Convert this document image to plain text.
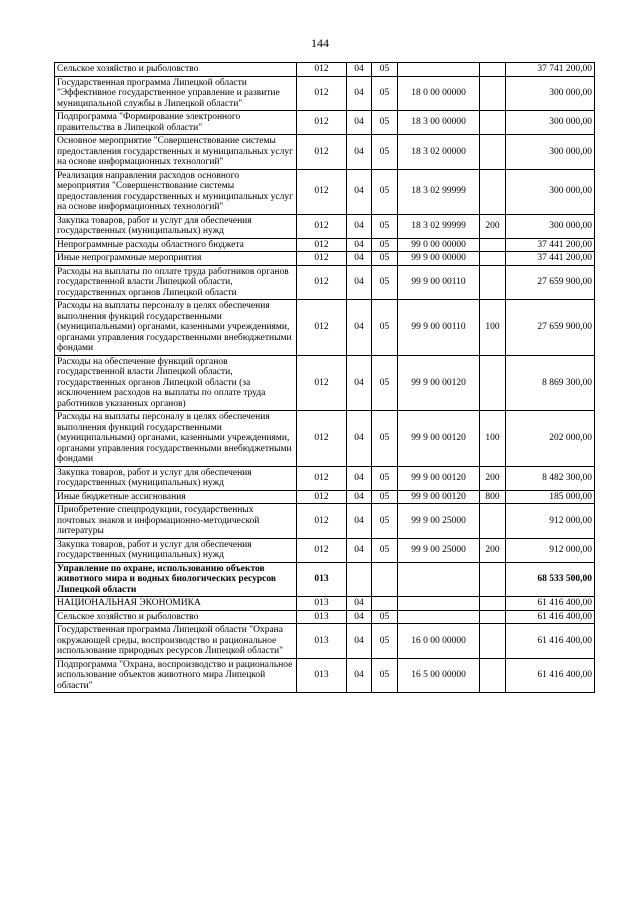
144
Сельское хозяйство и рыболовство	012	04	05			37 741 200,00
Государственная программа Липецкой области "Эффективное государственное управление и развитие муниципальной службы в Липецкой области"	012	04	05	18 0 00 00000		300 000,00
Подпрограмма "Формирование электронного правительства в Липецкой области"	012	04	05	18 3 00 00000		300 000,00
Основное мероприятие "Совершенствование системы предоставления государственных и муниципальных услуг на основе информационных технологий"	012	04	05	18 3 02 00000		300 000,00
Реализация направления расходов основного мероприятия "Совершенствование системы предоставления государственных и муниципальных услуг на основе информационных технологий"	012	04	05	18 3 02 99999		300 000,00
Закупка товаров, работ и услуг для обеспечения государственных (муниципальных) нужд	012	04	05	18 3 02 99999	200	300 000,00
Непрограммные расходы областного бюджета	012	04	05	99 0 00 00000		37 441 200,00
Иные непрограммные мероприятия	012	04	05	99 9 00 00000		37 441 200,00
Расходы на выплаты по оплате труда работников органов государственной власти Липецкой области, государственных органов Липецкой области	012	04	05	99 9 00 00110		27 659 900,00
Расходы на выплаты персоналу в целях обеспечения выполнения функций государственными (муниципальными) органами, казенными учреждениями, органами управления государственными внебюджетными фондами	012	04	05	99 9 00 00110	100	27 659 900,00
Расходы на обеспечение функций органов государственной власти Липецкой области, государственных органов Липецкой области (за исключением расходов на выплаты по оплате труда работников указанных органов)	012	04	05	99 9 00 00120		8 869 300,00
Расходы на выплаты персоналу в целях обеспечения выполнения функций государственными (муниципальными) органами, казенными учреждениями, органами управления государственными внебюджетными фондами	012	04	05	99 9 00 00120	100	202 000,00
Закупка товаров, работ и услуг для обеспечения государственных (муниципальных) нужд	012	04	05	99 9 00 00120	200	8 482 300,00
Иные бюджетные ассигнования	012	04	05	99 9 00 00120	800	185 000,00
Приобретение спецпродукции, государственных почтовых знаков и информационно-методической литературы	012	04	05	99 9 00 25000		912 000,00
Закупка товаров, работ и услуг для обеспечения государственных (муниципальных) нужд	012	04	05	99 9 00 25000	200	912 000,00
Управление по охране, использованию объектов животного мира и водных биологических ресурсов Липецкой области	013					68 533 500,00
НАЦИОНАЛЬНАЯ ЭКОНОМИКА	013	04				61 416 400,00
Сельское хозяйство и рыболовство	013	04	05			61 416 400,00
Государственная программа Липецкой области "Охрана окружающей среды, воспроизводство и рациональное использование природных ресурсов Липецкой области"	013	04	05	16 0 00 00000		61 416 400,00
Подпрограмма "Охрана, воспроизводство и рациональное использование объектов животного мира Липецкой области"	013	04	05	16 5 00 00000		61 416 400,00
